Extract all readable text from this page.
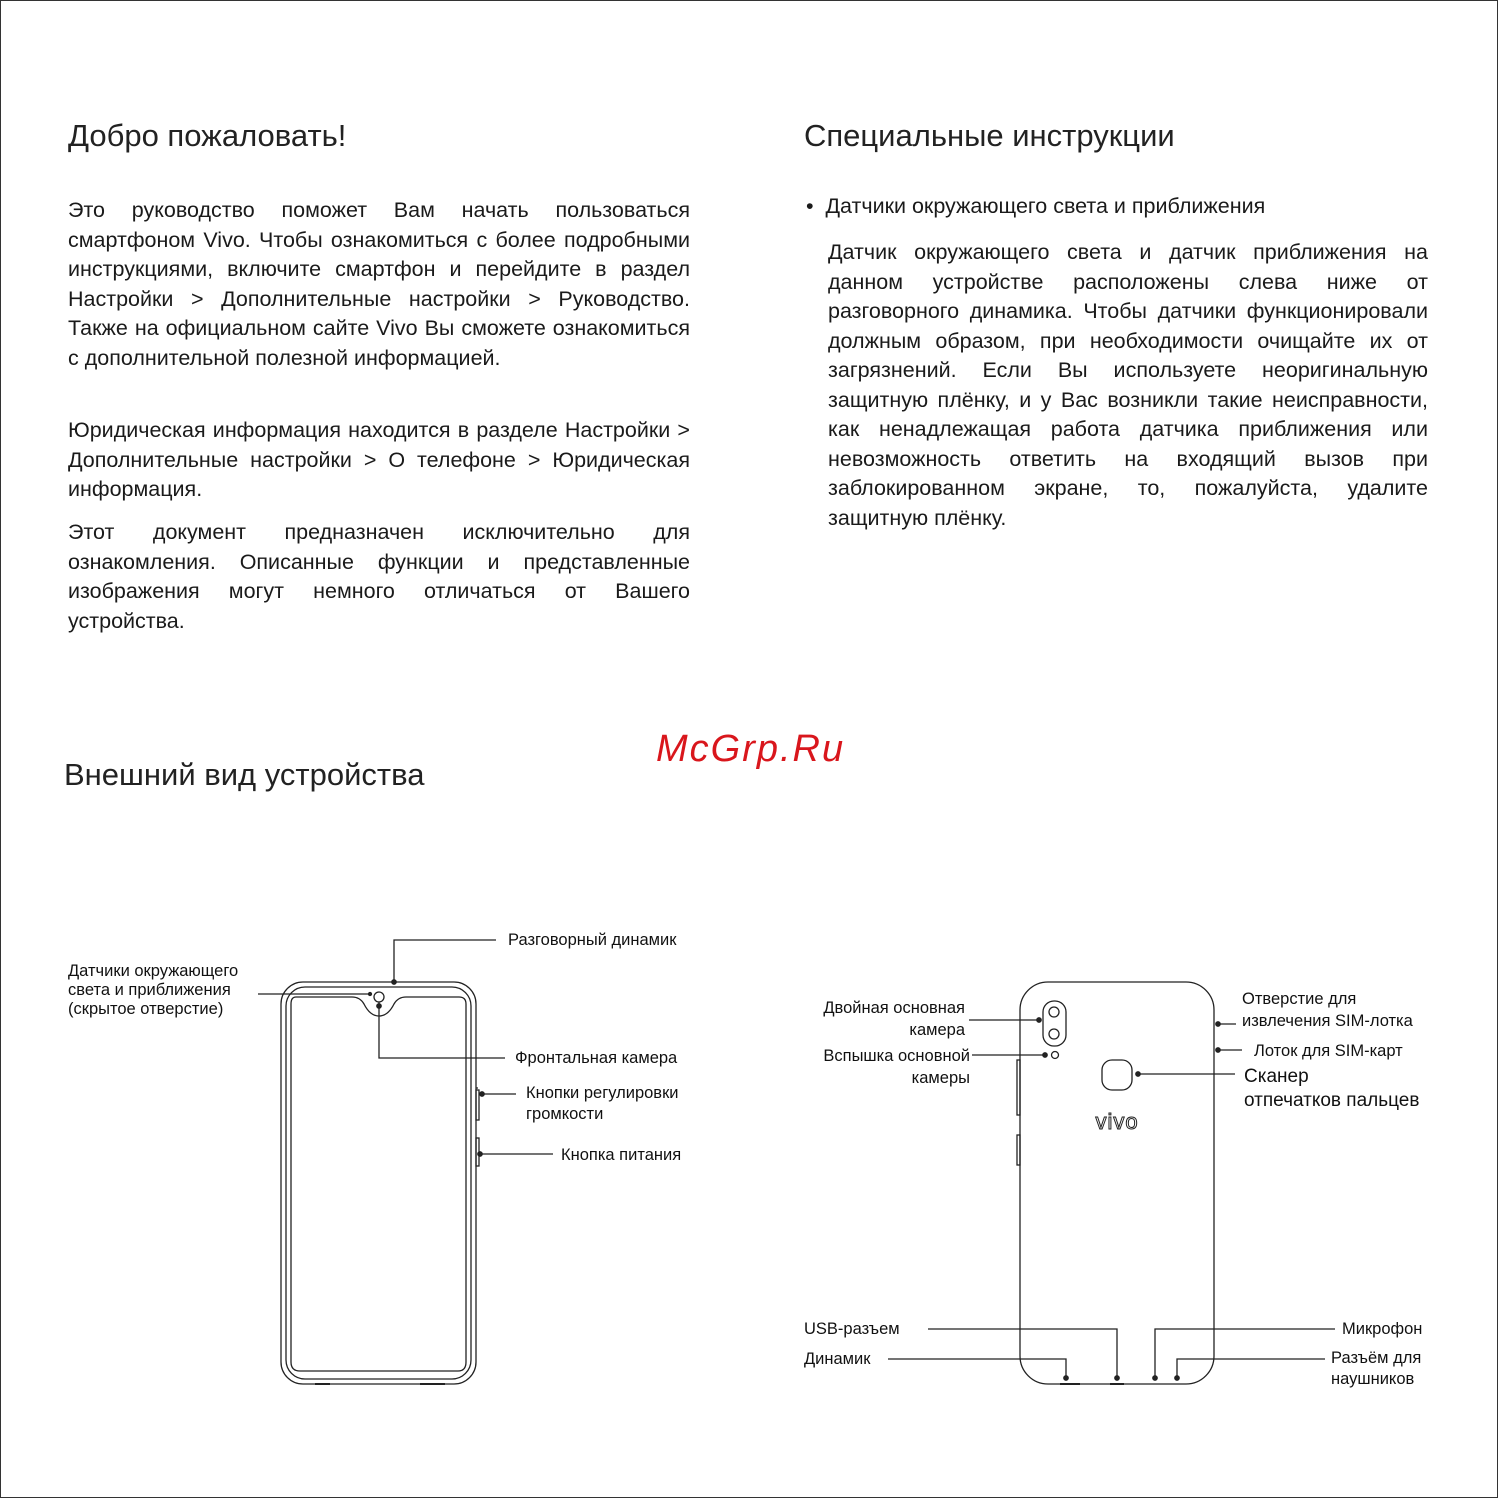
Добро пожаловать!

Это руководство поможет Вам начать пользоваться смартфоном Vivo. Чтобы ознакомиться с более подробными инструкциями, включите смартфон и перейдите в раздел Настройки > Дополнительные настройки > Руководство. Также на официальном сайте Vivo Вы сможете ознакомиться с дополнительной полезной информацией.

Юридическая информация находится в разделе Настройки > Дополнительные настройки > О телефоне > Юридическая информация.

Этот документ предназначен исключительно для ознакомления. Описанные функции и представленные изображения могут немного отличаться от Вашего устройства.

Специальные инструкции
•  Датчики окружающего света и приближения

Датчик окружающего света и датчик приближения на данном устройстве расположены слева ниже от разговорного динамика. Чтобы датчики функционировали должным образом, при необходимости очищайте их от загрязнений. Если Вы используете неоригинальную защитную плёнку, и у Вас возникли такие неисправности, как ненадлежащая работа датчика приближения или невозможность ответить на входящий вызов при заблокированном экране, то, пожалуйста, удалите защитную плёнку.

McGrp.Ru
Внешний вид устройства
vivo
Разговорный динамик
Датчики окружающего
света и приближения
(скрытое отверстие)
Фронтальная камера
Кнопки регулировки
громкости
Кнопка питания
Двойная основная
камера
Вспышка основной
камеры
Отверстие для
извлечения SIM-лотка
Лоток для SIM-карт
Сканер
отпечатков пальцев
USB-разъем
Динамик
Микрофон
Разъём для
наушников
